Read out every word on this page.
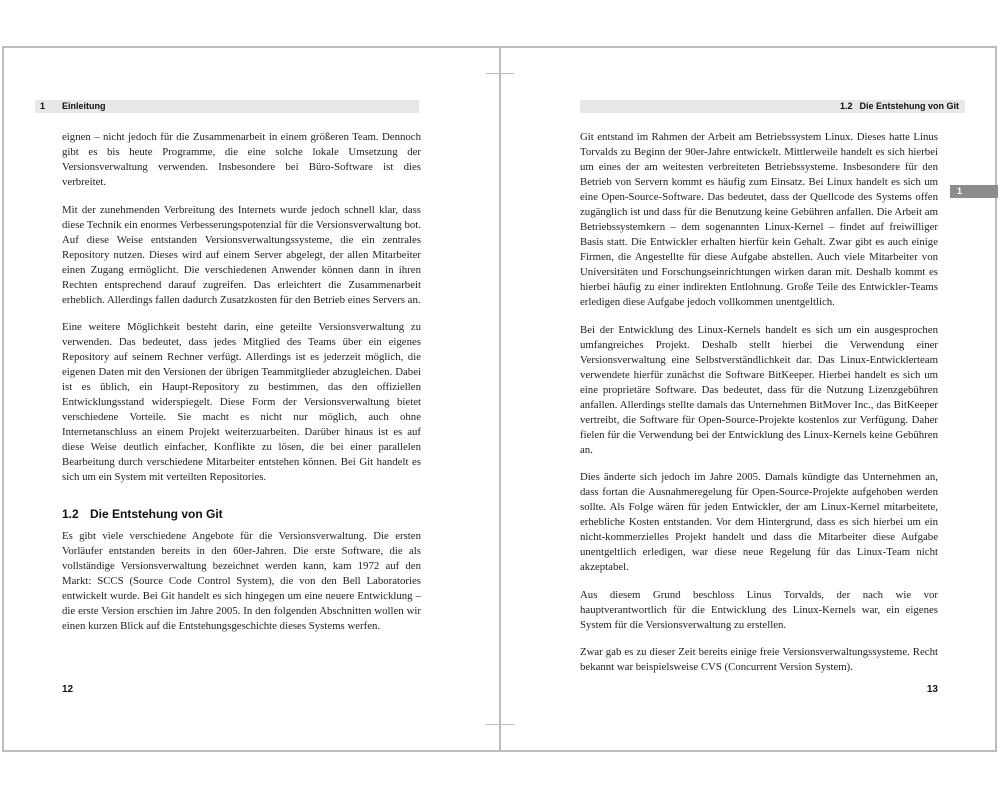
1 Einleitung

eignen – nicht jedoch für die Zusammenarbeit in einem größeren Team. Dennoch gibt es bis heute Programme, die eine solche lokale Umsetzung der Versionsverwaltung verwenden. Insbesondere bei Büro-Software ist dies verbreitet.

Mit der zunehmenden Verbreitung des Internets wurde jedoch schnell klar, dass diese Technik ein enormes Verbesserungspotenzial für die Versionsverwaltung bot. Auf diese Weise entstanden Versionsverwaltungssysteme, die ein zentrales Repository nutzen. Dieses wird auf einem Server abgelegt, der allen Mitarbeiter einen Zugang ermöglicht. Die verschiedenen Anwender können dann in ihren Rechten entsprechend darauf zugreifen. Das erleichtert die Zusammenarbeit erheblich. Allerdings fallen dadurch Zusatzkosten für den Betrieb eines Servers an.

Eine weitere Möglichkeit besteht darin, eine geteilte Versionsverwaltung zu verwenden. Das bedeutet, dass jedes Mitglied des Teams über ein eigenes Repository auf seinem Rechner verfügt. Allerdings ist es jederzeit möglich, die eigenen Daten mit den Versionen der übrigen Teammitglieder abzugleichen. Dabei ist es üblich, ein Haupt-Repository zu bestimmen, das den offiziellen Entwicklungsstand widerspiegelt. Diese Form der Versionsverwaltung bietet verschiedene Vorteile. Sie macht es nicht nur möglich, auch ohne Internetanschluss an einem Projekt weiterzuarbeiten. Darüber hinaus ist es auf diese Weise deutlich einfacher, Konflikte zu lösen, die bei einer parallelen Bearbeitung durch verschiedene Mitarbeiter entstehen können. Bei Git handelt es sich um ein System mit verteilten Repositories.

1.2 Die Entstehung von Git

Es gibt viele verschiedene Angebote für die Versionsverwaltung. Die ersten Vorläufer entstanden bereits in den 60er-Jahren. Die erste Software, die als vollständige Versionsverwaltung bezeichnet werden kann, kam 1972 auf den Markt: SCCS (Source Code Control System), die von den Bell Laboratories entwickelt wurde. Bei Git handelt es sich hingegen um eine neuere Entwicklung – die erste Version erschien im Jahre 2005. In den folgenden Abschnitten wollen wir einen kurzen Blick auf die Entstehungsgeschichte dieses Systems werfen.

12
1.2 Die Entstehung von Git

Git entstand im Rahmen der Arbeit am Betriebssystem Linux. Dieses hatte Linus Torvalds zu Beginn der 90er-Jahre entwickelt. Mittlerweile handelt es sich hierbei um eines der am weitesten verbreiteten Betriebssysteme. Insbesondere für den Betrieb von Servern kommt es häufig zum Einsatz. Bei Linux handelt es sich um eine Open-Source-Software. Das bedeutet, dass der Quellcode des Systems offen zugänglich ist und dass für die Benutzung keine Gebühren anfallen. Die Arbeit am Betriebssystemkern – dem sogenannten Linux-Kernel – findet auf freiwilliger Basis statt. Die Entwickler erhalten hierfür kein Gehalt. Zwar gibt es auch einige Firmen, die Angestellte für diese Aufgabe abstellen. Auch viele Mitarbeiter von Universitäten und Forschungseinrichtungen wirken daran mit. Deshalb kommt es hierbei häufig zu einer indirekten Entlohnung. Große Teile des Entwickler-Teams erledigen diese Aufgabe jedoch vollkommen unentgeltlich.

Bei der Entwicklung des Linux-Kernels handelt es sich um ein ausgesprochen umfangreiches Projekt. Deshalb stellt hierbei die Verwendung einer Versionsverwaltung eine Selbstverständlichkeit dar. Das Linux-Entwicklerteam verwendete hierfür zunächst die Software BitKeeper. Hierbei handelt es sich um eine proprietäre Software. Das bedeutet, dass für die Nutzung Lizenzgebühren anfallen. Allerdings stellte damals das Unternehmen BitMover Inc., das BitKeeper vertreibt, die Software für Open-Source-Projekte kostenlos zur Verfügung. Daher fielen für die Verwendung bei der Entwicklung des Linux-Kernels keine Gebühren an.

Dies änderte sich jedoch im Jahre 2005. Damals kündigte das Unternehmen an, dass fortan die Ausnahmeregelung für Open-Source-Projekte aufgehoben werden sollte. Als Folge wären für jeden Entwickler, der am Linux-Kernel mitarbeitete, erhebliche Kosten entstanden. Vor dem Hintergrund, dass es sich hierbei um ein nicht-kommerzielles Projekt handelt und dass die Mitarbeiter diese Aufgabe unentgeltlich erledigen, war diese neue Regelung für das Linux-Team nicht akzeptabel.

Aus diesem Grund beschloss Linus Torvalds, der nach wie vor hauptverantwortlich für die Entwicklung des Linux-Kernels war, ein eigenes System für die Versionsverwaltung zu erstellen.

Zwar gab es zu dieser Zeit bereits einige freie Versionsverwaltungssysteme. Recht bekannt war beispielsweise CVS (Concurrent Version System).

13
1
